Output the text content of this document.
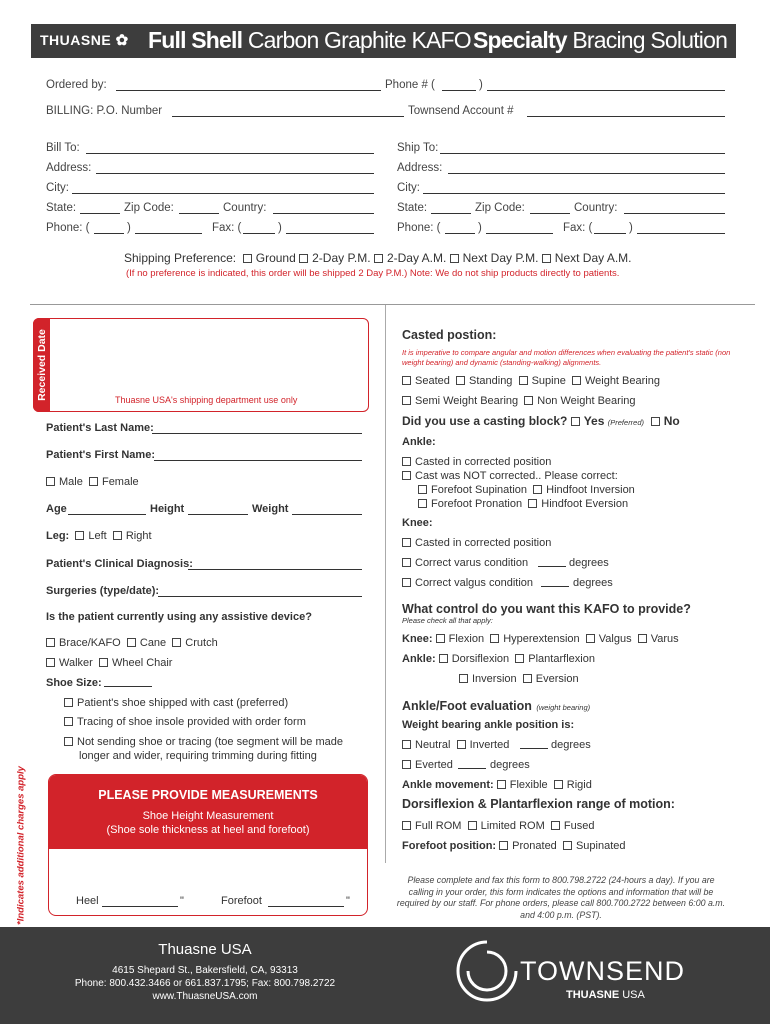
THUASNE ✿ Full Shell Carbon Graphite KAFO Specialty Bracing Solution
Ordered by:	Phone # (	)
BILLING: P.O. Number	Townsend Account #
Bill To:
Address:
City:
State:	Zip Code:	Country:
Phone: (	)	Fax: (	)
Ship To:
Address:
City:
State:	Zip Code:	Country:
Phone: (	)	Fax: (	)
Shipping Preference: Ground 2-Day P.M. 2-Day A.M. Next Day P.M. Next Day A.M.
(If no preference is indicated, this order will be shipped 2 Day P.M.) Note: We do not ship products directly to patients.
Received Date	Thuasne USA's shipping department use only
Patient's Last Name:
Patient's First Name:
Male Female
Age	Height	Weight
Leg: Left Right
Patient's Clinical Diagnosis:
Surgeries (type/date):
Is the patient currently using any assistive device?
Brace/KAFO Cane Crutch
Walker Wheel Chair
Shoe Size:
Patient's shoe shipped with cast (preferred)
Tracing of shoe insole provided with order form
Not sending shoe or tracing (toe segment will be made
longer and wider, requiring trimming during fitting
*Indicates additional charges apply	PLEASE PROVIDE MEASUREMENTS
Shoe Height Measurement
(Shoe sole thickness at heel and forefoot)
Heel	"	Forefoot	"
Casted postion:
It is imperative to compare angular and motion differences when evaluating the patient's static (non weight bearing) and dynamic (standing-walking) alignments.
Seated Standing Supine Weight Bearing
Semi Weight Bearing Non Weight Bearing
Did you use a casting block? Yes (Preferred) No
Ankle:
Casted in corrected position
Cast was NOT corrected.. Please correct:
Forefoot Supination Hindfoot Inversion
Forefoot Pronation Hindfoot Eversion
Knee:
Casted in corrected position
Correct varus condition	degrees
Correct valgus condition	degrees
What control do you want this KAFO to provide?
Please check all that apply:
Knee: Flexion Hyperextension Valgus Varus
Ankle: Dorsiflexion Plantarflexion
Inversion Eversion
Ankle/Foot evaluation (weight bearing)
Weight bearing ankle position is:
Neutral Inverted	degrees
Everted	degrees
Ankle movement: Flexible Rigid
Dorsiflexion & Plantarflexion range of motion:
Full ROM Limited ROM Fused
Forefoot position: Pronated Supinated
Please complete and fax this form to 800.798.2722 (24-hours a day). If you are calling in your order, this form indicates the options and information that will be required by our staff. For phone orders, please call 800.700.2722 between 6:00 a.m. and 4:00 p.m. (PST).
Thuasne USA
4615 Shepard St., Bakersfield, CA, 93313
Phone: 800.432.3466 or 661.837.1795; Fax: 800.798.2722
www.ThuasneUSA.com
TOWNSEND
THUASNE USA
